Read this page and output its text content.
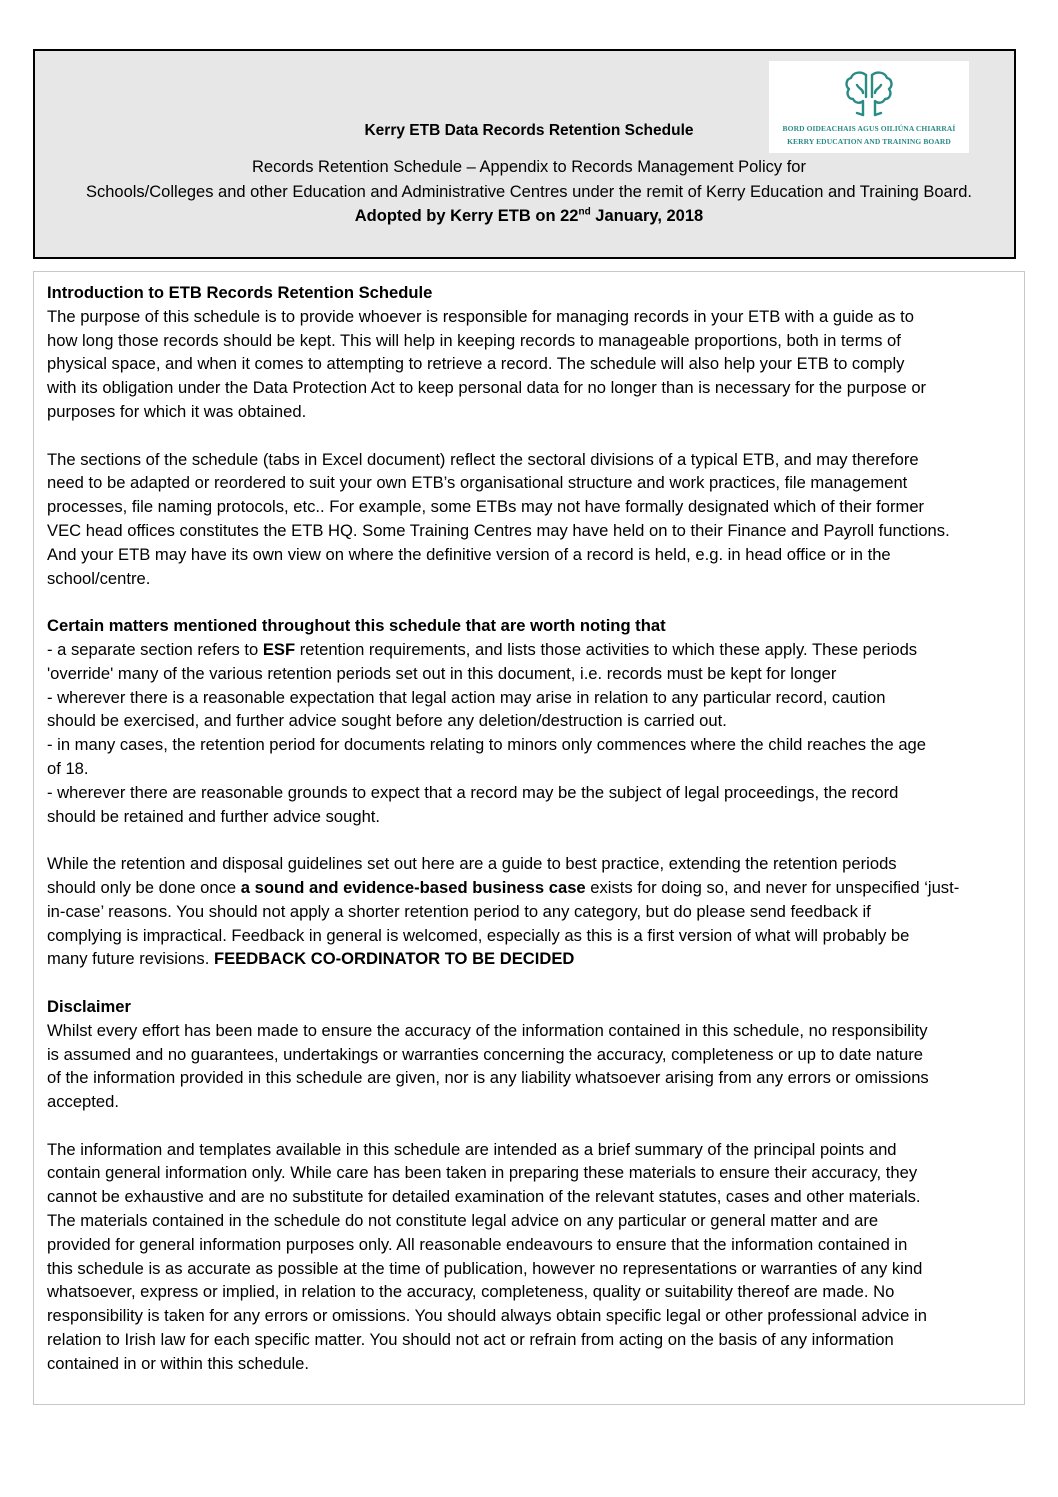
BORD OIDEACHAIS AGUS OILIÚNA CHIARRAÍ
KERRY EDUCATION AND TRAINING BOARD
Kerry ETB Data Records Retention Schedule
Records Retention Schedule – Appendix to Records Management Policy for
Schools/Colleges and other Education and Administrative Centres under the remit of Kerry Education and Training Board.
Adopted by Kerry ETB on 22nd January, 2018

Introduction to ETB Records Retention Schedule
The purpose of this schedule is to provide whoever is responsible for managing records in your ETB with a guide as to
how long those records should be kept. This will help in keeping records to manageable proportions, both in terms of
physical space, and when it comes to attempting to retrieve a record. The schedule will also help your ETB to comply
with its obligation under the Data Protection Act to keep personal data for no longer than is necessary for the purpose or
purposes for which it was obtained.

The sections of the schedule (tabs in Excel document) reflect the sectoral divisions of a typical ETB, and may therefore
need to be adapted or reordered to suit your own ETB’s organisational structure and work practices, file management
processes, file naming protocols, etc.. For example, some ETBs may not have formally designated which of their former
VEC head offices constitutes the ETB HQ. Some Training Centres may have held on to their Finance and Payroll functions.
And your ETB may have its own view on where the definitive version of a record is held, e.g. in head office or in the
school/centre.

Certain matters mentioned throughout this schedule that are worth noting that
- a separate section refers to ESF retention requirements, and lists those activities to which these apply. These periods
'override' many of the various retention periods set out in this document, i.e. records must be kept for longer
- wherever there is a reasonable expectation that legal action may arise in relation to any particular record, caution
should be exercised, and further advice sought before any deletion/destruction is carried out.
- in many cases, the retention period for documents relating to minors only commences where the child reaches the age
of 18.
- wherever there are reasonable grounds to expect that a record may be the subject of legal proceedings, the record
should be retained and further advice sought.

While the retention and disposal guidelines set out here are a guide to best practice, extending the retention periods
should only be done once a sound and evidence-based business case exists for doing so, and never for unspecified ‘just-
in-case’ reasons. You should not apply a shorter retention period to any category, but do please send feedback if
complying is impractical. Feedback in general is welcomed, especially as this is a first version of what will probably be
many future revisions. FEEDBACK CO-ORDINATOR TO BE DECIDED

Disclaimer
Whilst every effort has been made to ensure the accuracy of the information contained in this schedule, no responsibility
is assumed and no guarantees, undertakings or warranties concerning the accuracy, completeness or up to date nature
of the information provided in this schedule are given, nor is any liability whatsoever arising from any errors or omissions
accepted.

The information and templates available in this schedule are intended as a brief summary of the principal points and
contain general information only. While care has been taken in preparing these materials to ensure their accuracy, they
cannot be exhaustive and are no substitute for detailed examination of the relevant statutes, cases and other materials.
The materials contained in the schedule do not constitute legal advice on any particular or general matter and are
provided for general information purposes only. All reasonable endeavours to ensure that the information contained in
this schedule is as accurate as possible at the time of publication, however no representations or warranties of any kind
whatsoever, express or implied, in relation to the accuracy, completeness, quality or suitability thereof are made. No
responsibility is taken for any errors or omissions. You should always obtain specific legal or other professional advice in
relation to Irish law for each specific matter. You should not act or refrain from acting on the basis of any information
contained in or within this schedule.
